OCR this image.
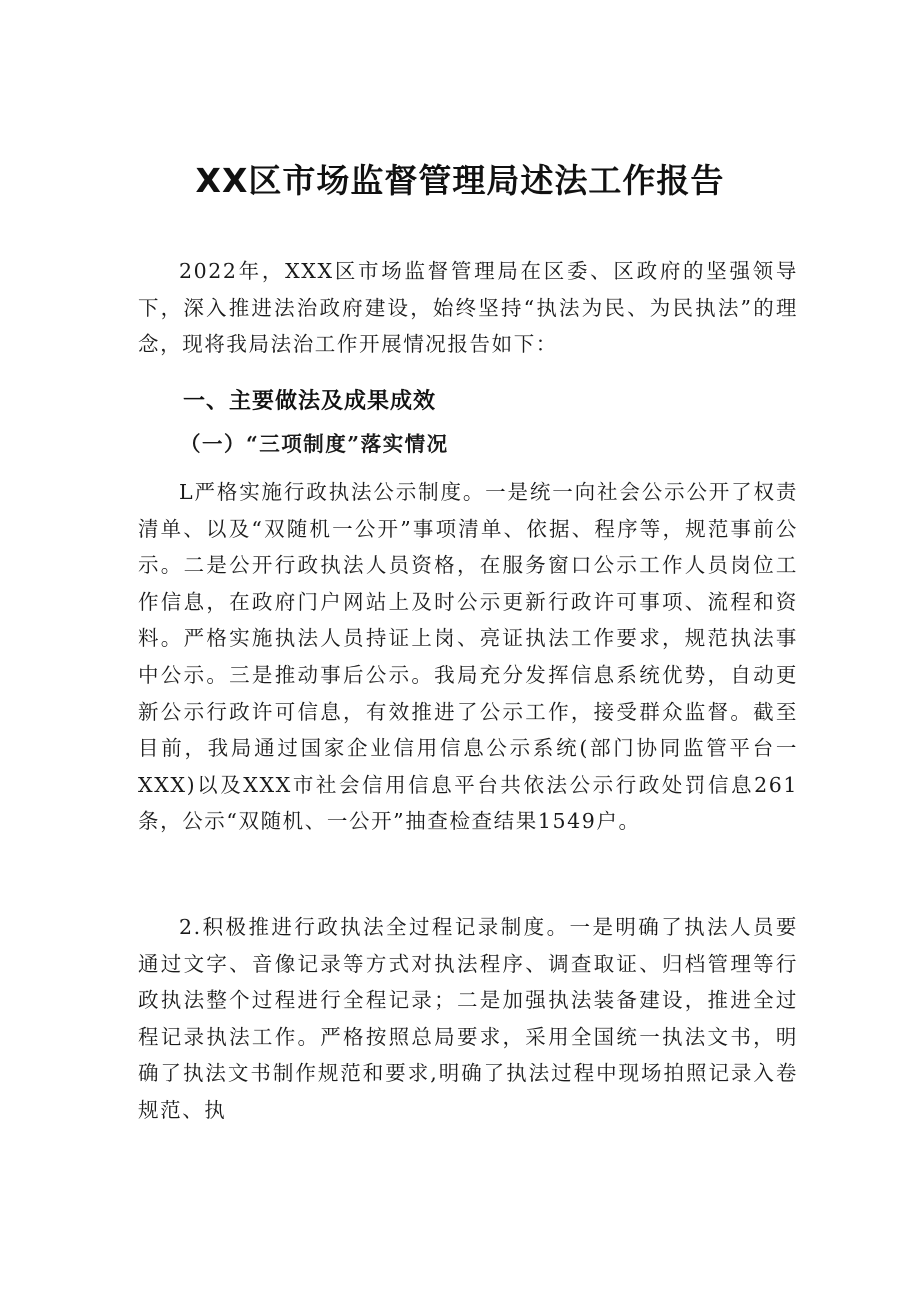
XX区市场监督管理局述法工作报告

2022年，XXX区市场监督管理局在区委、区政府的坚强领导下，深入推进法治政府建设，始终坚持“执法为民、为民执法”的理念，现将我局法治工作开展情况报告如下：

一、主要做法及成果成效
（一）“三项制度”落实情况

L严格实施行政执法公示制度。一是统一向社会公示公开了权责清单、以及“双随机一公开”事项清单、依据、程序等，规范事前公示。二是公开行政执法人员资格，在服务窗口公示工作人员岗位工作信息，在政府门户网站上及时公示更新行政许可事项、流程和资料。严格实施执法人员持证上岗、亮证执法工作要求，规范执法事中公示。三是推动事后公示。我局充分发挥信息系统优势，自动更新公示行政许可信息，有效推进了公示工作，接受群众监督。截至目前，我局通过国家企业信用信息公示系统(部门协同监管平台一XXX)以及XXX市社会信用信息平台共依法公示行政处罚信息261条，公示“双随机、一公开”抽查检查结果1549户。

2.积极推进行政执法全过程记录制度。一是明确了执法人员要通过文字、音像记录等方式对执法程序、调查取证、归档管理等行政执法整个过程进行全程记录；二是加强执法装备建设，推进全过程记录执法工作。严格按照总局要求，采用全国统一执法文书，明确了执法文书制作规范和要求,明确了执法过程中现场拍照记录入卷规范、执
